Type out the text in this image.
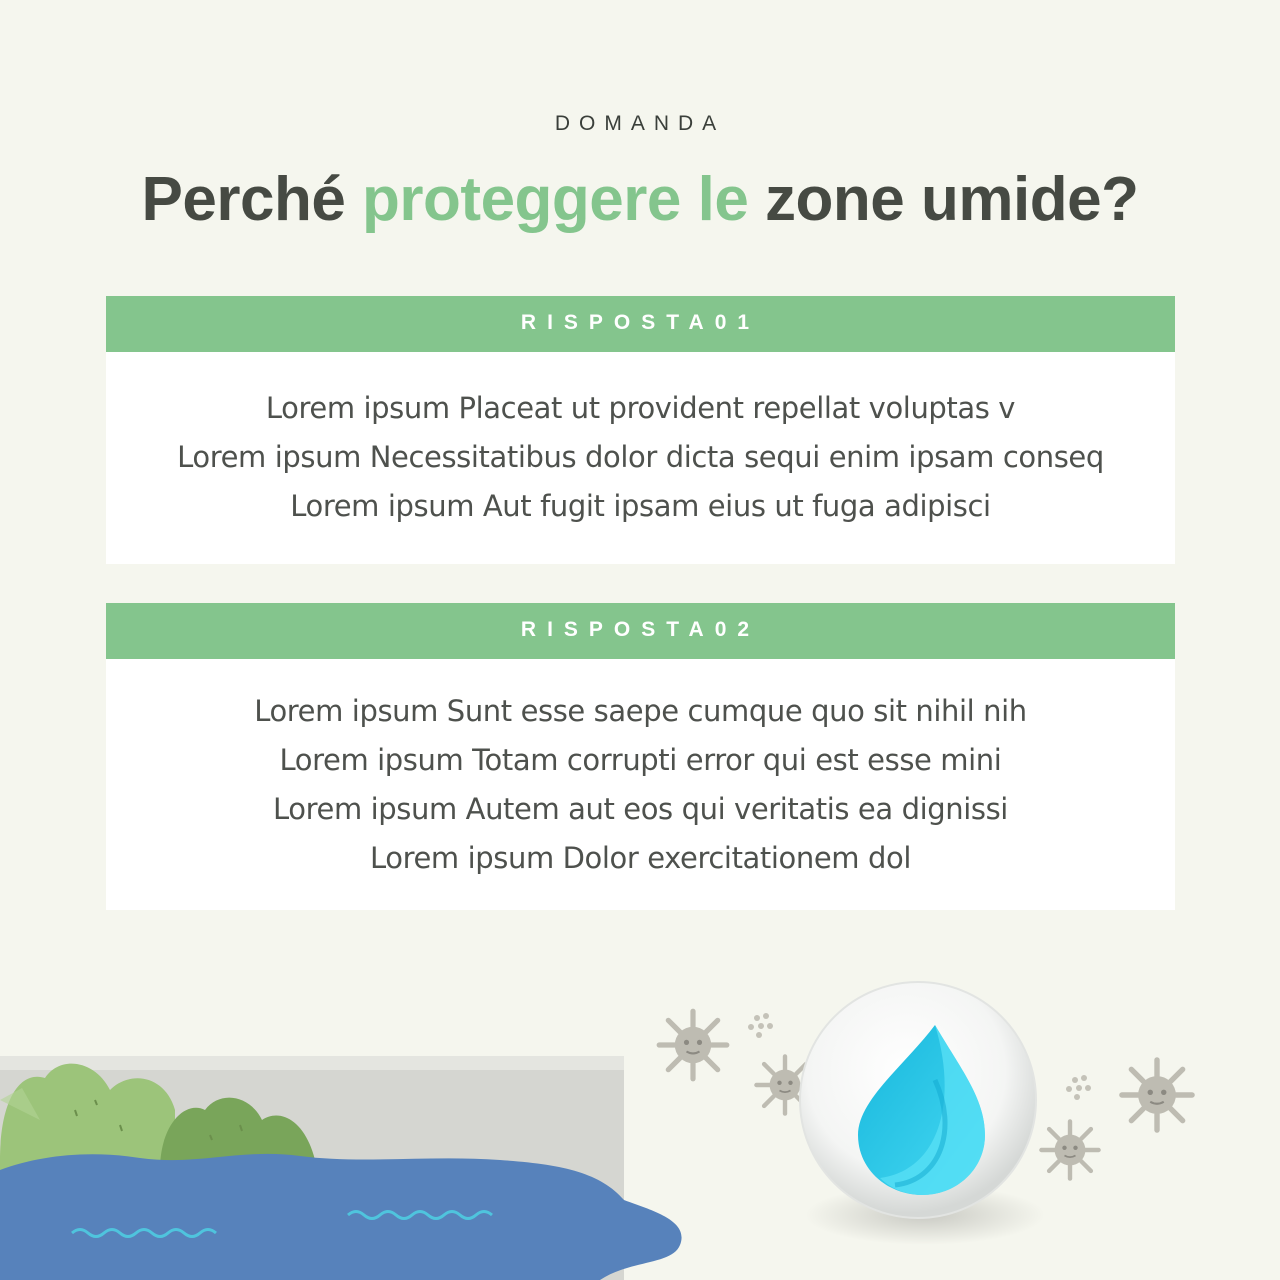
DOMANDA
Perché proteggere le zone umide?
RISPOSTA01
Lorem ipsum Placeat ut provident repellat voluptas v
Lorem ipsum Necessitatibus dolor dicta sequi enim ipsam conseq
Lorem ipsum Aut fugit ipsam eius ut fuga adipisci
RISPOSTA02
Lorem ipsum Sunt esse saepe cumque quo sit nihil nih
Lorem ipsum Totam corrupti error qui est esse mini
Lorem ipsum Autem aut eos qui veritatis ea dignissi
Lorem ipsum Dolor exercitationem dol
